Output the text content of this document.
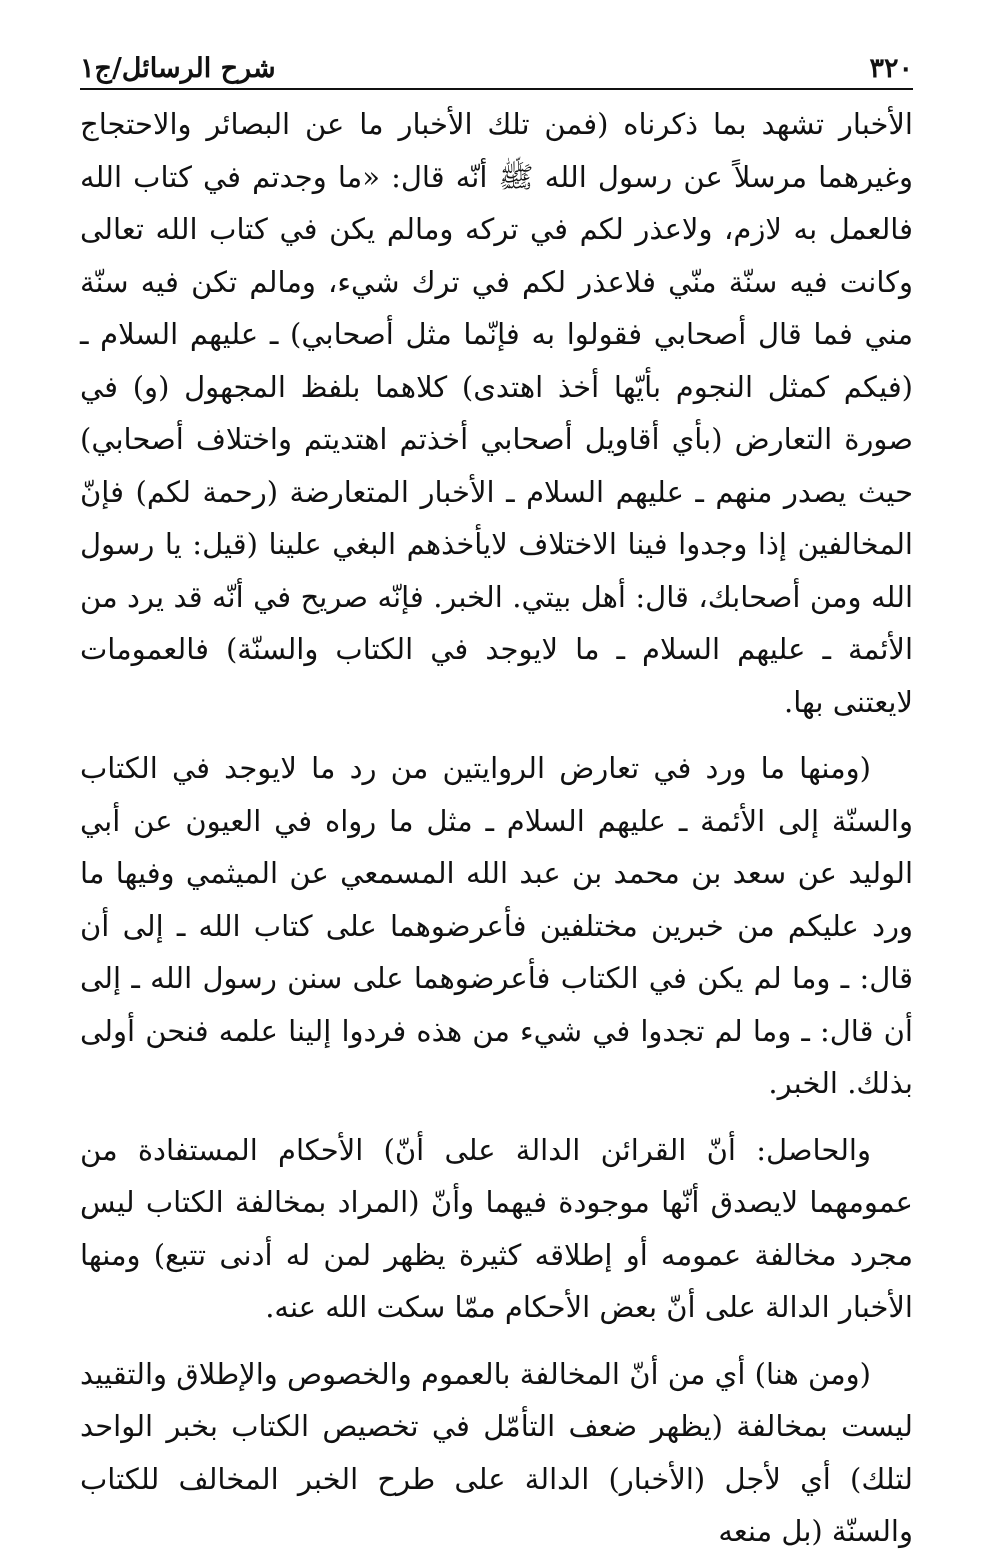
٣٢٠
شرح الرسائل/ج١

الأخبار تشهد بما ذكرناه (فمن تلك الأخبار ما عن البصائر والاحتجاج وغيرهما مرسلاً عن رسول الله ﷺ أنّه قال: «ما وجدتم في كتاب الله فالعمل به لازم، ولاعذر لكم في تركه ومالم يكن في كتاب الله تعالى وكانت فيه سنّة منّي فلاعذر لكم في ترك شيء، ومالم تكن فيه سنّة مني فما قال أصحابي فقولوا به فإنّما مثل أصحابي) ـ عليهم السلام ـ (فيكم كمثل النجوم بأيّها أخذ اهتدى) كلاهما بلفظ المجهول (و) في صورة التعارض (بأي أقاويل أصحابي أخذتم اهتديتم واختلاف أصحابي) حيث يصدر منهم ـ عليهم السلام ـ الأخبار المتعارضة (رحمة لكم) فإنّ المخالفين إذا وجدوا فينا الاختلاف لايأخذهم البغي علينا (قيل: يا رسول الله ومن أصحابك، قال: أهل بيتي. الخبر. فإنّه صريح في أنّه قد يرد من الأئمة ـ عليهم السلام ـ ما لايوجد في الكتاب والسنّة) فالعمومات لايعتنى بها.

(ومنها ما ورد في تعارض الروايتين من رد ما لايوجد في الكتاب والسنّة إلى الأئمة ـ عليهم السلام ـ مثل ما رواه في العيون عن أبي الوليد عن سعد بن محمد بن عبد الله المسمعي عن الميثمي وفيها ما ورد عليكم من خبرين مختلفين فأعرضوهما على كتاب الله ـ إلى أن قال: ـ وما لم يكن في الكتاب فأعرضوهما على سنن رسول الله ـ إلى أن قال: ـ وما لم تجدوا في شيء من هذه فردوا إلينا علمه فنحن أولى بذلك. الخبر.

والحاصل: أنّ القرائن الدالة على أنّ) الأحكام المستفادة من عمومهما لايصدق أنّها موجودة فيهما وأنّ (المراد بمخالفة الكتاب ليس مجرد مخالفة عمومه أو إطلاقه كثيرة يظهر لمن له أدنى تتبع) ومنها الأخبار الدالة على أنّ بعض الأحكام ممّا سكت الله عنه.

(ومن هنا) أي من أنّ المخالفة بالعموم والخصوص والإطلاق والتقييد ليست بمخالفة (يظهر ضعف التأمّل في تخصيص الكتاب بخبر الواحد لتلك) أي لأجل (الأخبار) الدالة على طرح الخبر المخالف للكتاب والسنّة (بل منعه
